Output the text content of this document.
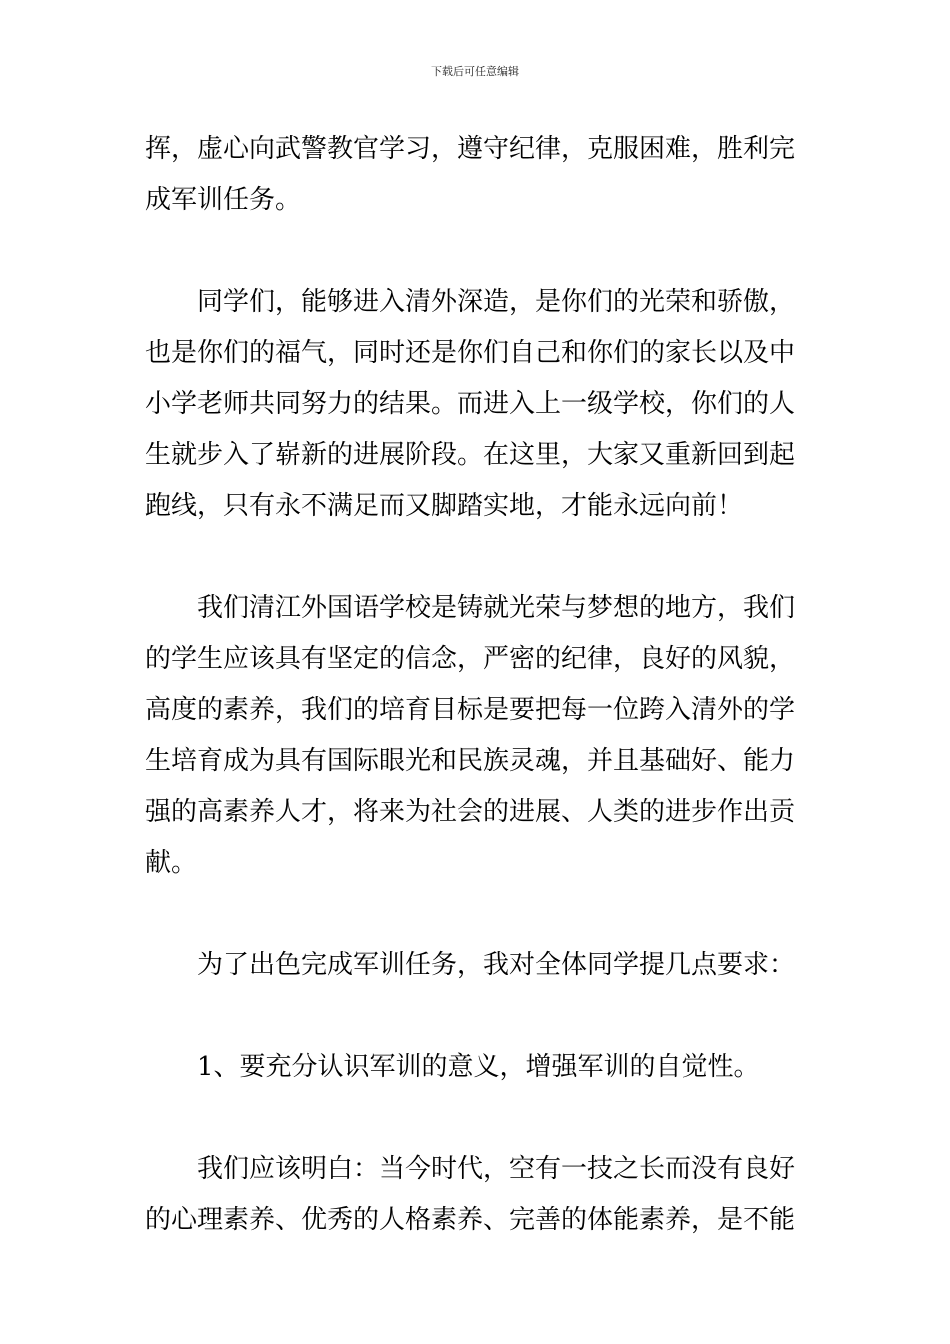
下载后可任意编辑
挥，虚心向武警教官学习，遵守纪律，克服困难，胜利完
成军训任务。
同学们，能够进入清外深造，是你们的光荣和骄傲，
也是你们的福气，同时还是你们自己和你们的家长以及中
小学老师共同努力的结果。而进入上一级学校，你们的人
生就步入了崭新的进展阶段。在这里，大家又重新回到起
跑线，只有永不满足而又脚踏实地，才能永远向前！
我们清江外国语学校是铸就光荣与梦想的地方，我们
的学生应该具有坚定的信念，严密的纪律，良好的风貌，
高度的素养，我们的培育目标是要把每一位跨入清外的学
生培育成为具有国际眼光和民族灵魂，并且基础好、能力
强的高素养人才，将来为社会的进展、人类的进步作出贡
献。
为了出色完成军训任务，我对全体同学提几点要求：
1、要充分认识军训的意义，增强军训的自觉性。
我们应该明白：当今时代，空有一技之长而没有良好
的心理素养、优秀的人格素养、完善的体能素养，是不能
